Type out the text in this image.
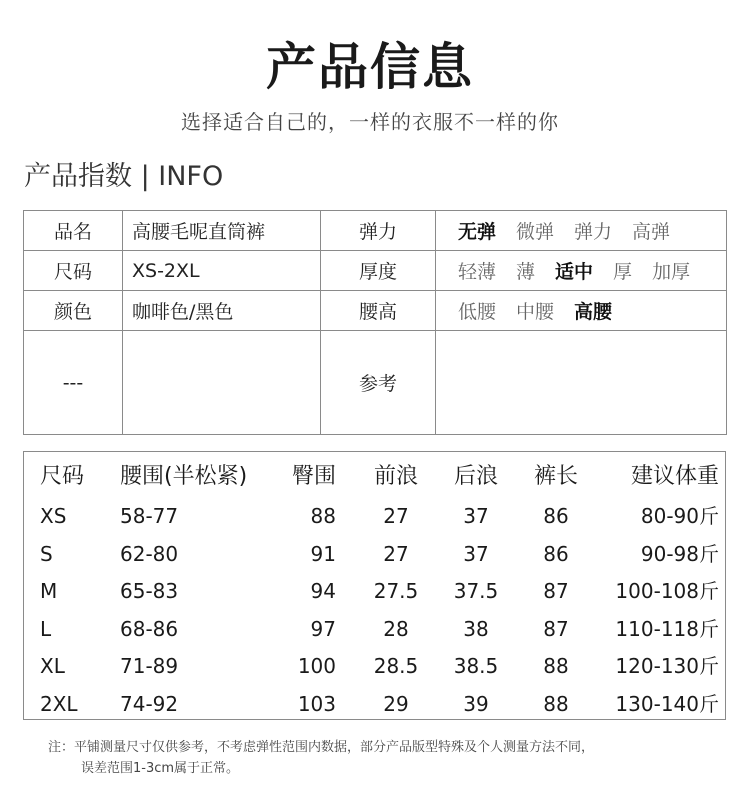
产品信息
选择适合自己的，一样的衣服不一样的你
产品指数 | INFO
品名	高腰毛呢直筒裤	弹力	无弹 微弹 弹力 高弹
尺码	XS-2XL	厚度	轻薄 薄 适中 厚 加厚
颜色	咖啡色/黑色	腰高	低腰 中腰 高腰
---		参考	
尺码	腰围(半松紧)	臀围	前浪	后浪	裤长	建议体重
XS	58-77	88	27	37	86	80-90斤
S	62-80	91	27	37	86	90-98斤
M	65-83	94	27.5	37.5	87	100-108斤
L	68-86	97	28	38	87	110-118斤
XL	71-89	100	28.5	38.5	88	120-130斤
2XL	74-92	103	29	39	88	130-140斤
注：平铺测量尺寸仅供参考，不考虑弹性范围内数据，部分产品版型特殊及个人测量方法不同，
误差范围1-3cm属于正常。
